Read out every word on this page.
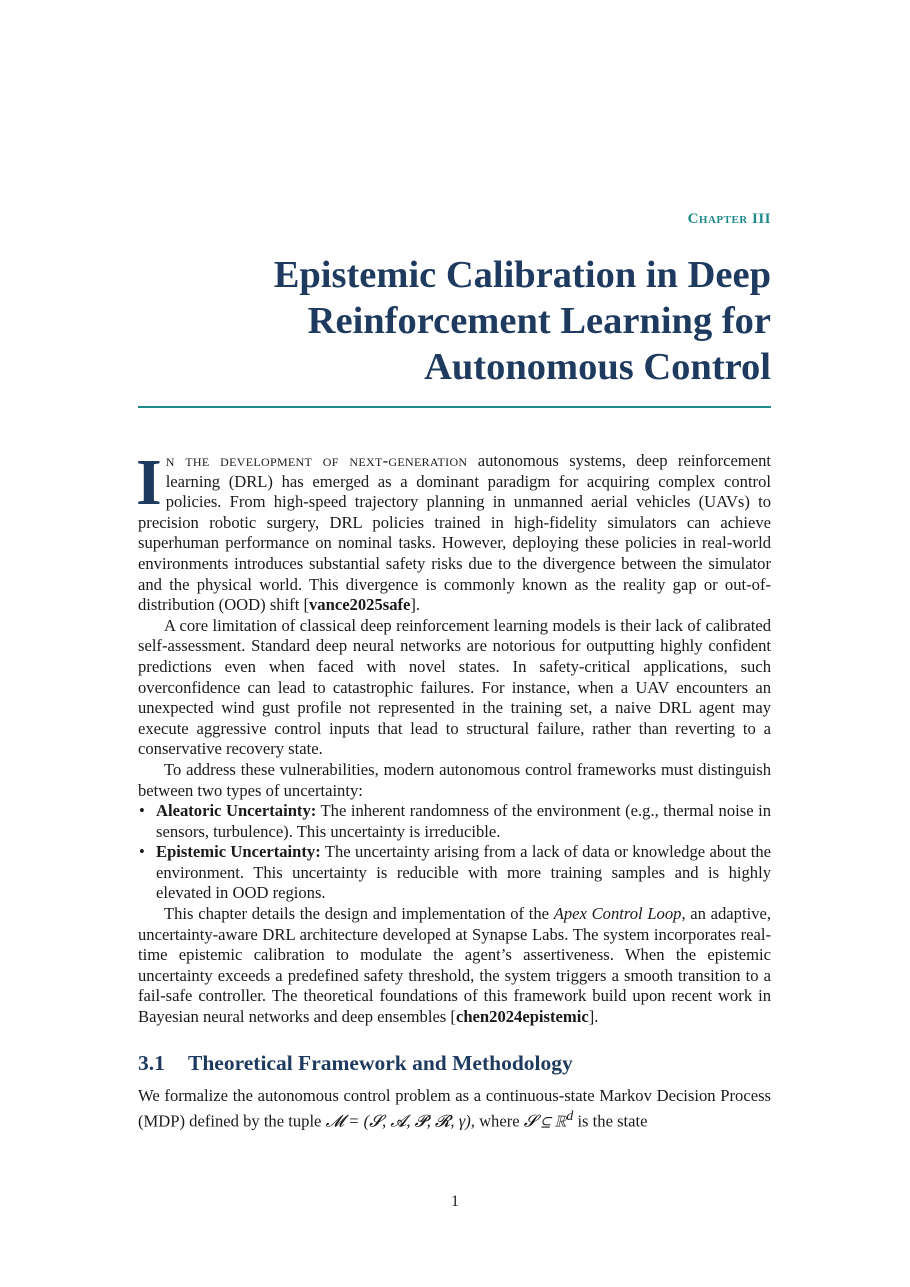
Chapter III
Epistemic Calibration in Deep
Reinforcement Learning for
Autonomous Control

In the development of next-generation autonomous systems, deep reinforcement learning (DRL) has emerged as a dominant paradigm for acquiring complex control policies. From high-speed trajectory planning in unmanned aerial vehicles (UAVs) to precision robotic surgery, DRL policies trained in high-fidelity simulators can achieve superhuman performance on nominal tasks. However, deploying these policies in real-world environments introduces substantial safety risks due to the divergence between the simulator and the physical world. This divergence is commonly known as the reality gap or out-of-distribution (OOD) shift [vance2025safe].

A core limitation of classical deep reinforcement learning models is their lack of calibrated self-assessment. Standard deep neural networks are notorious for outputting highly confident predictions even when faced with novel states. In safety-critical applications, such overconfidence can lead to catastrophic failures. For instance, when a UAV encounters an unexpected wind gust profile not represented in the training set, a naive DRL agent may execute aggressive control inputs that lead to structural failure, rather than reverting to a conservative recovery state.

To address these vulnerabilities, modern autonomous control frameworks must distinguish between two types of uncertainty:

• Aleatoric Uncertainty: The inherent randomness of the environment (e.g., thermal noise in sensors, turbulence). This uncertainty is irreducible.
• Epistemic Uncertainty: The uncertainty arising from a lack of data or knowledge about the environment. This uncertainty is reducible with more training samples and is highly elevated in OOD regions.

This chapter details the design and implementation of the Apex Control Loop, an adaptive, uncertainty-aware DRL architecture developed at Synapse Labs. The system incorporates real-time epistemic calibration to modulate the agent’s assertiveness. When the epistemic uncertainty exceeds a predefined safety threshold, the system triggers a smooth transition to a fail-safe controller. The theoretical foundations of this framework build upon recent work in Bayesian neural networks and deep ensembles [chen2024epistemic].

3.1 Theoretical Framework and Methodology

We formalize the autonomous control problem as a continuous-state Markov Decision Process (MDP) defined by the tuple 𝓜 = (𝓢, 𝓐, 𝓟, 𝓡, γ), where 𝓢 ⊆ ℝ$^d$ is the state

1
